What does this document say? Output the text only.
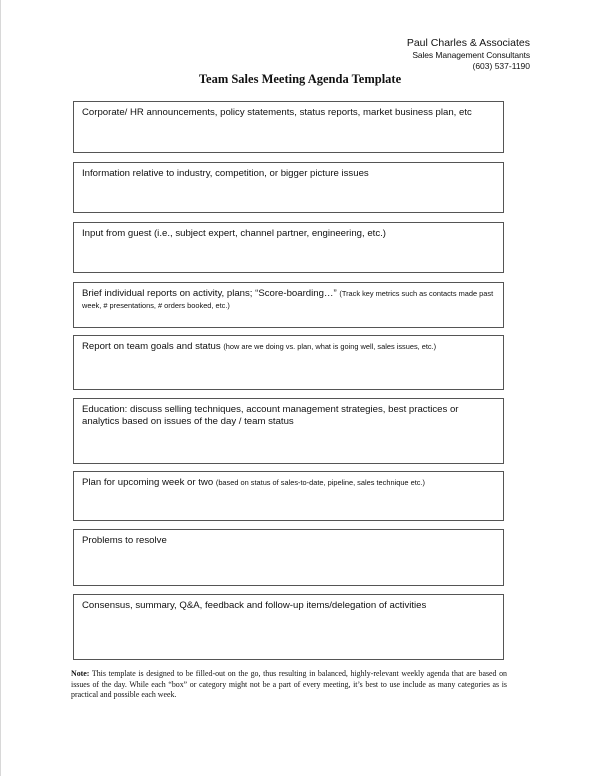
Paul Charles & Associates
Sales Management Consultants
(603) 537-1190
Team Sales Meeting Agenda Template
Corporate/ HR announcements, policy statements, status reports, market business plan, etc
Information relative to industry, competition, or bigger picture issues
Input from guest (i.e., subject expert, channel partner, engineering, etc.)
Brief individual reports on activity, plans; “Score-boarding…” (Track key metrics such as contacts made past week, # presentations, # orders booked, etc.)
Report on team goals and status (how are we doing vs. plan, what is going well, sales issues, etc.)
Education: discuss selling techniques, account management strategies, best practices or analytics based on issues of the day / team status
Plan for upcoming week or two (based on status of sales-to-date, pipeline, sales technique etc.)
Problems to resolve
Consensus, summary, Q&A, feedback and follow-up items/delegation of activities
Note: This template is designed to be filled-out on the go, thus resulting in balanced, highly-relevant weekly agenda that are based on issues of the day. While each “box” or category might not be a part of every meeting, it’s best to use include as many categories as is practical and possible each week.
